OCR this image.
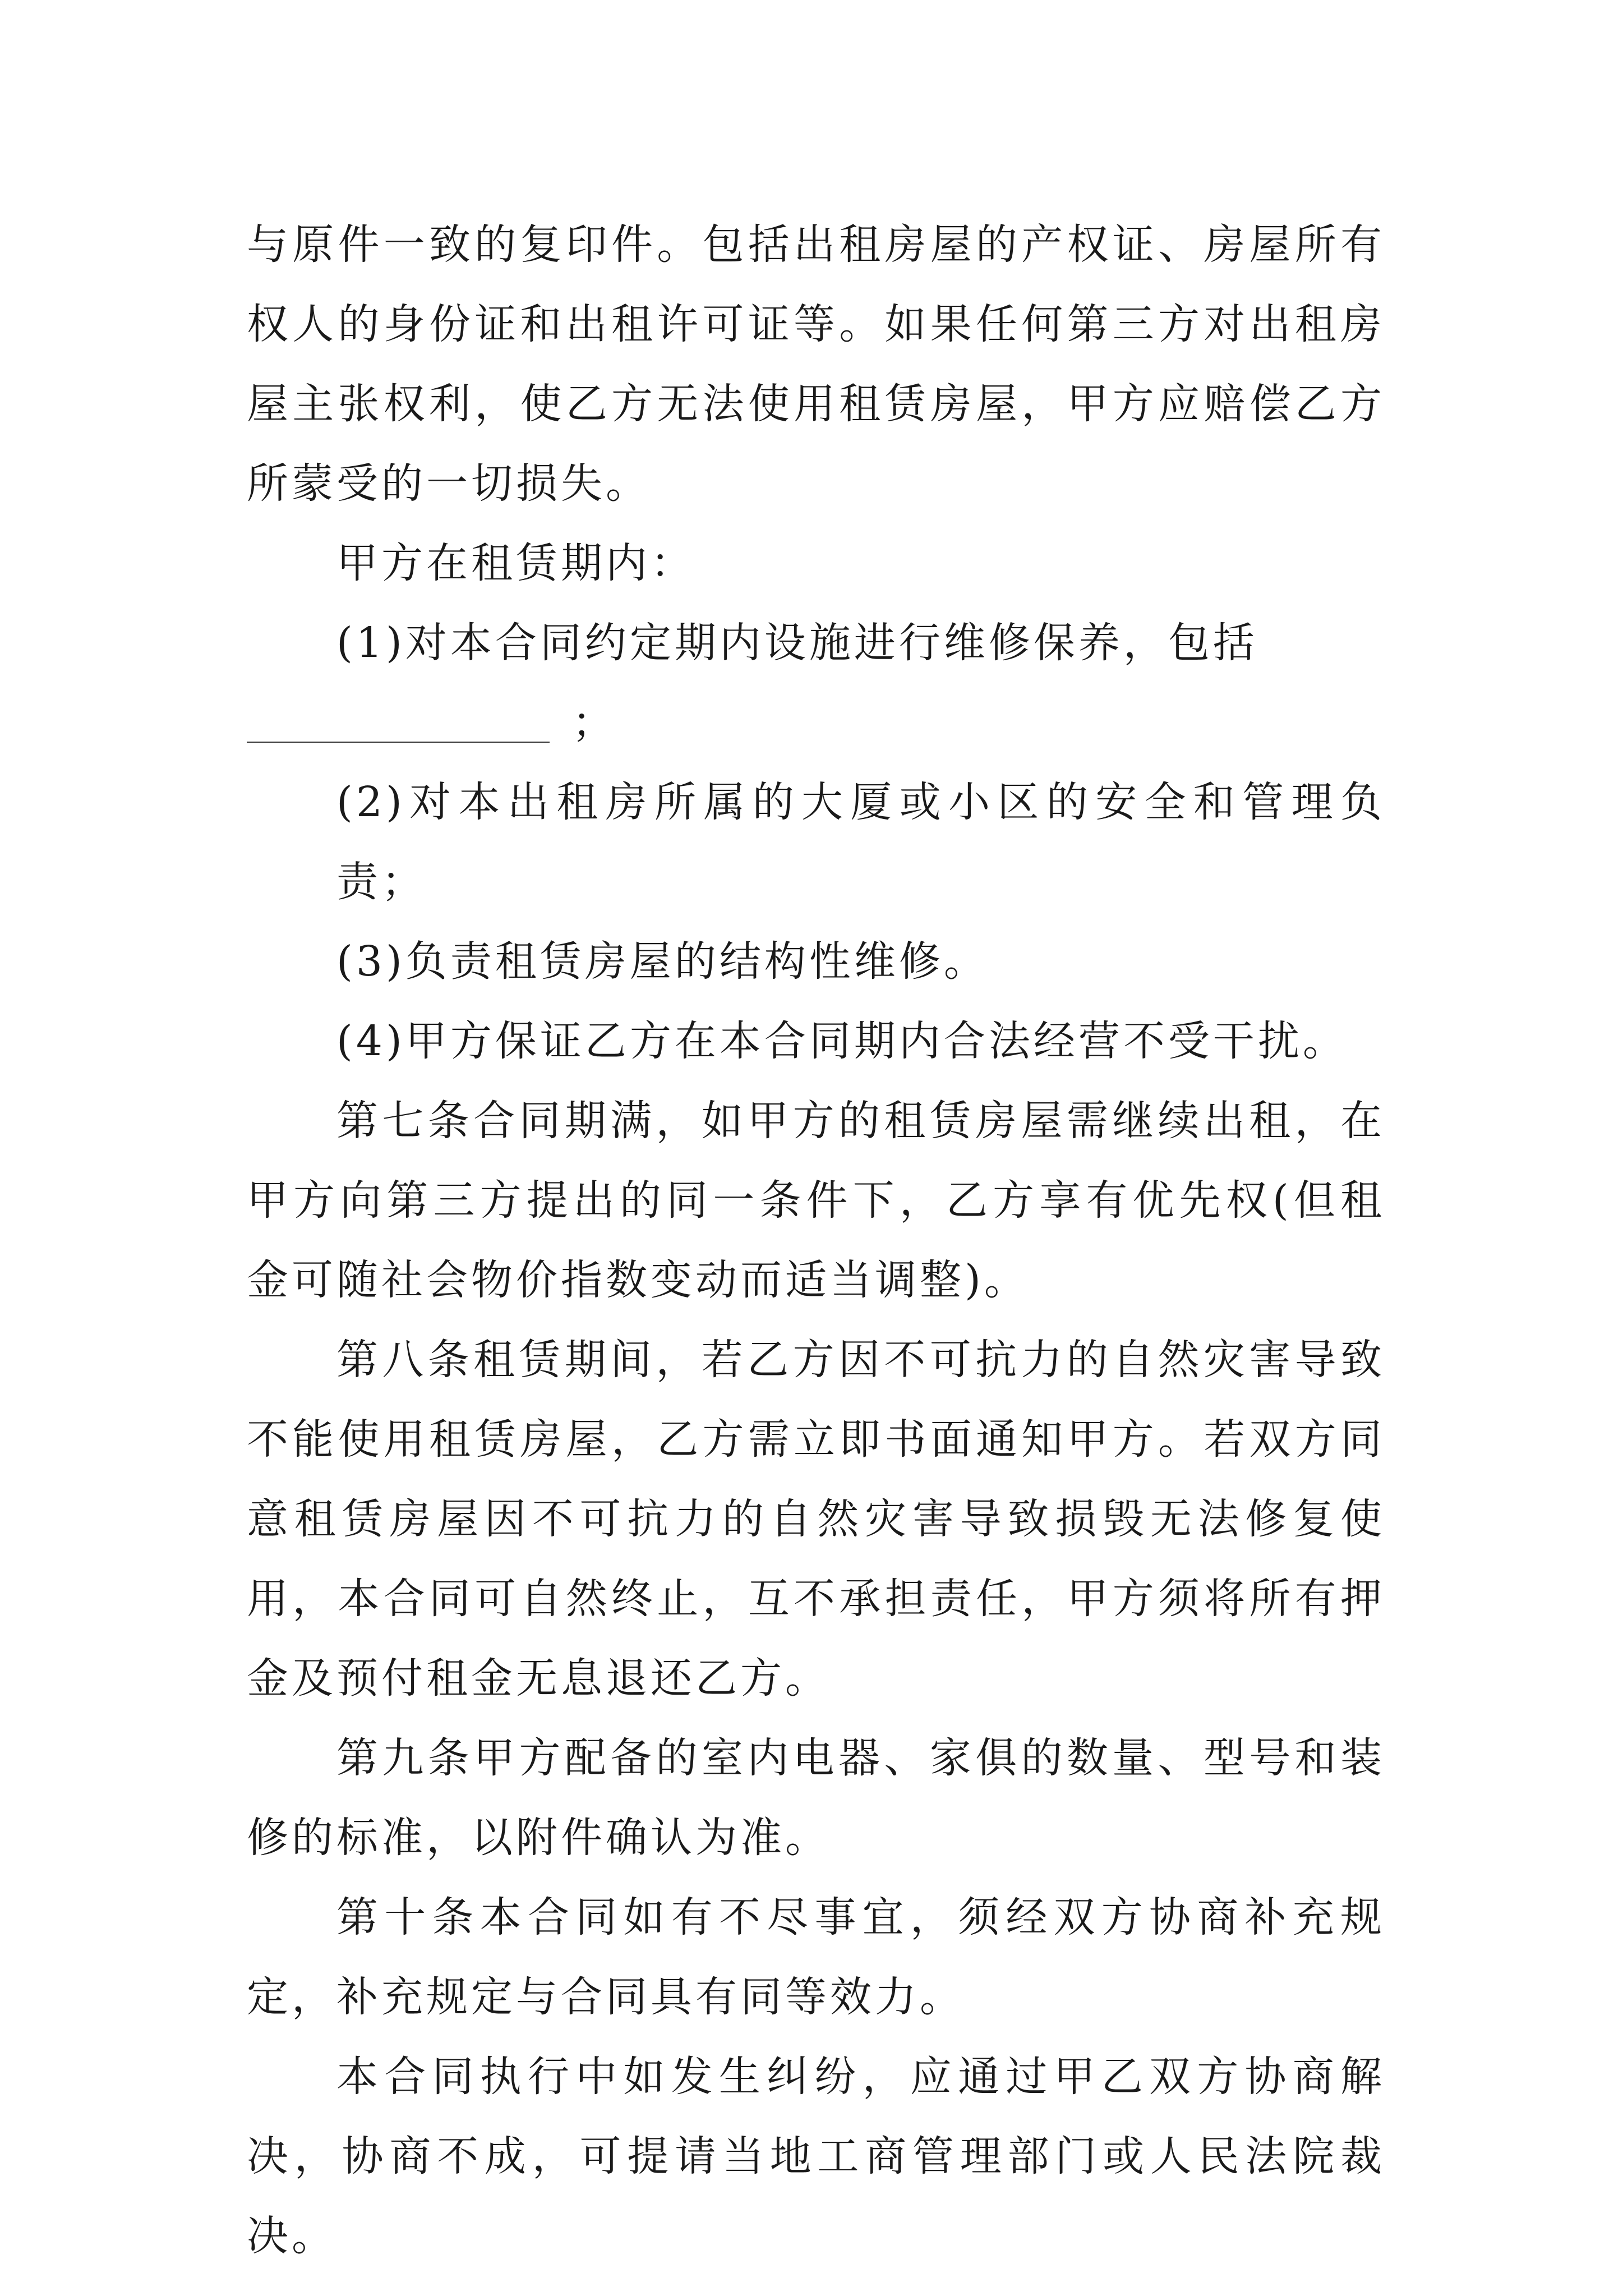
与原件一致的复印件。包括出租房屋的产权证、房屋所有权人的身份证和出租许可证等。如果任何第三方对出租房屋主张权利，使乙方无法使用租赁房屋，甲方应赔偿乙方所蒙受的一切损失。

甲方在租赁期内：

(1)对本合同约定期内设施进行维修保养，包括

；

(2)对本出租房所属的大厦或小区的安全和管理负责；

(3)负责租赁房屋的结构性维修。

(4)甲方保证乙方在本合同期内合法经营不受干扰。

第七条合同期满，如甲方的租赁房屋需继续出租，在甲方向第三方提出的同一条件下，乙方享有优先权(但租金可随社会物价指数变动而适当调整)。

第八条租赁期间，若乙方因不可抗力的自然灾害导致不能使用租赁房屋，乙方需立即书面通知甲方。若双方同意租赁房屋因不可抗力的自然灾害导致损毁无法修复使用，本合同可自然终止，互不承担责任，甲方须将所有押金及预付租金无息退还乙方。

第九条甲方配备的室内电器、家俱的数量、型号和装修的标准，以附件确认为准。

第十条本合同如有不尽事宜，须经双方协商补充规定，补充规定与合同具有同等效力。

本合同执行中如发生纠纷，应通过甲乙双方协商解决，协商不成，可提请当地工商管理部门或人民法院裁决。
